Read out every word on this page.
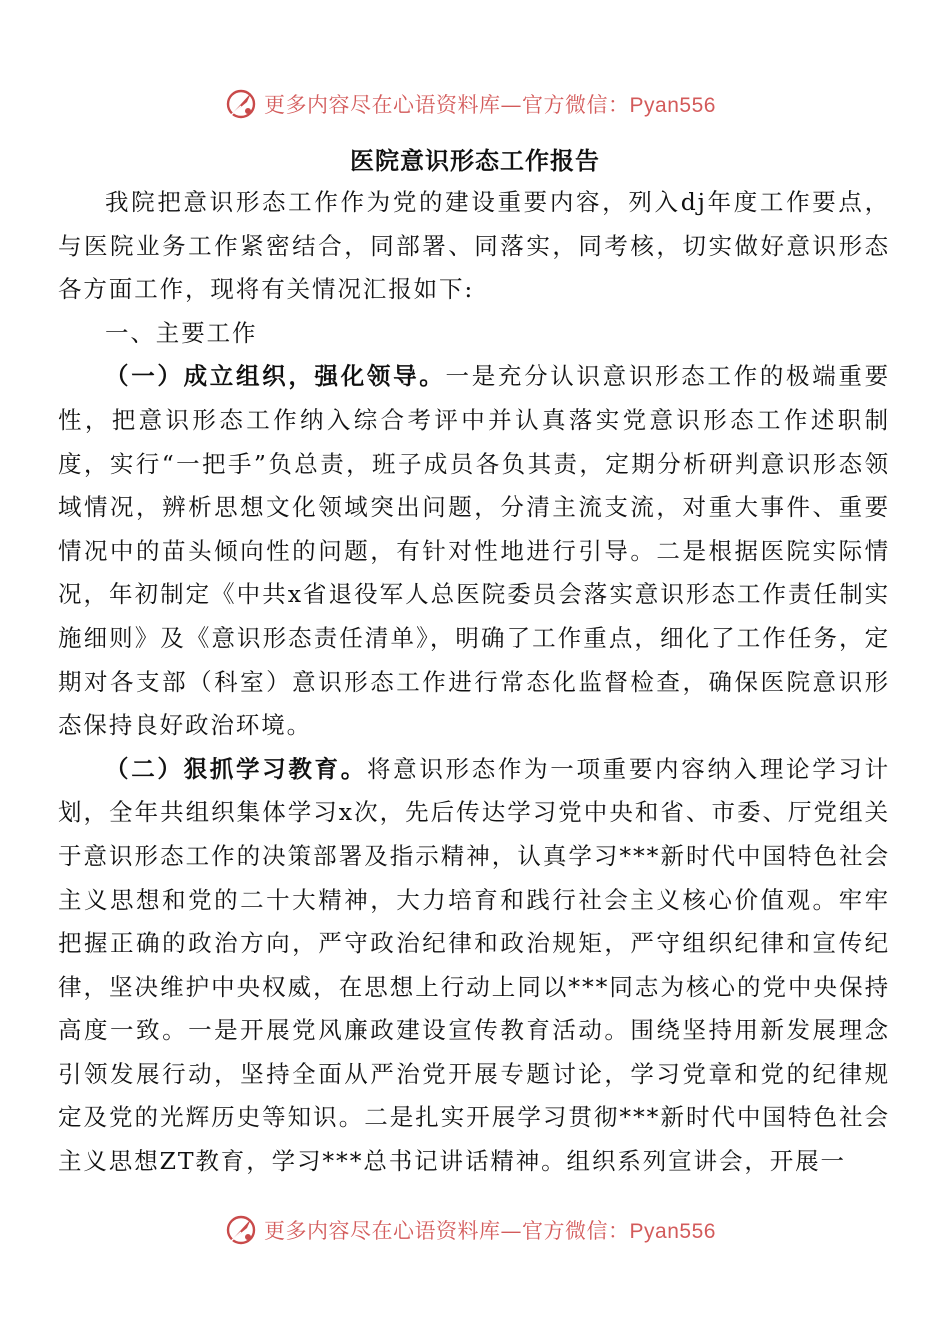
更多内容尽在心语资料库—官方微信：Pyan556
医院意识形态工作报告

我院把意识形态工作作为党的建设重要内容，列入dj年度工作要点，与医院业务工作紧密结合，同部署、同落实，同考核，切实做好意识形态各方面工作，现将有关情况汇报如下:

一、主要工作

（一）成立组织，强化领导。一是充分认识意识形态工作的极端重要性，把意识形态工作纳入综合考评中并认真落实党意识形态工作述职制度，实行“一把手”负总责，班子成员各负其责，定期分析研判意识形态领域情况，辨析思想文化领域突出问题，分清主流支流，对重大事件、重要情况中的苗头倾向性的问题，有针对性地进行引导。二是根据医院实际情况，年初制定《中共x省退役军人总医院委员会落实意识形态工作责任制实施细则》及《意识形态责任清单》，明确了工作重点，细化了工作任务，定期对各支部（科室）意识形态工作进行常态化监督检查，确保医院意识形态保持良好政治环境。

（二）狠抓学习教育。将意识形态作为一项重要内容纳入理论学习计划，全年共组织集体学习x次，先后传达学习党中央和省、市委、厅党组关于意识形态工作的决策部署及指示精神，认真学习***新时代中国特色社会主义思想和党的二十大精神，大力培育和践行社会主义核心价值观。牢牢把握正确的政治方向，严守政治纪律和政治规矩，严守组织纪律和宣传纪律，坚决维护中央权威，在思想上行动上同以***同志为核心的党中央保持高度一致。一是开展党风廉政建设宣传教育活动。围绕坚持用新发展理念引领发展行动，坚持全面从严治党开展专题讨论，学习党章和党的纪律规定及党的光辉历史等知识。二是扎实开展学习贯彻***新时代中国特色社会主义思想ZT教育，学习***总书记讲话精神。组织系列宣讲会，开展一

更多内容尽在心语资料库—官方微信：Pyan556
